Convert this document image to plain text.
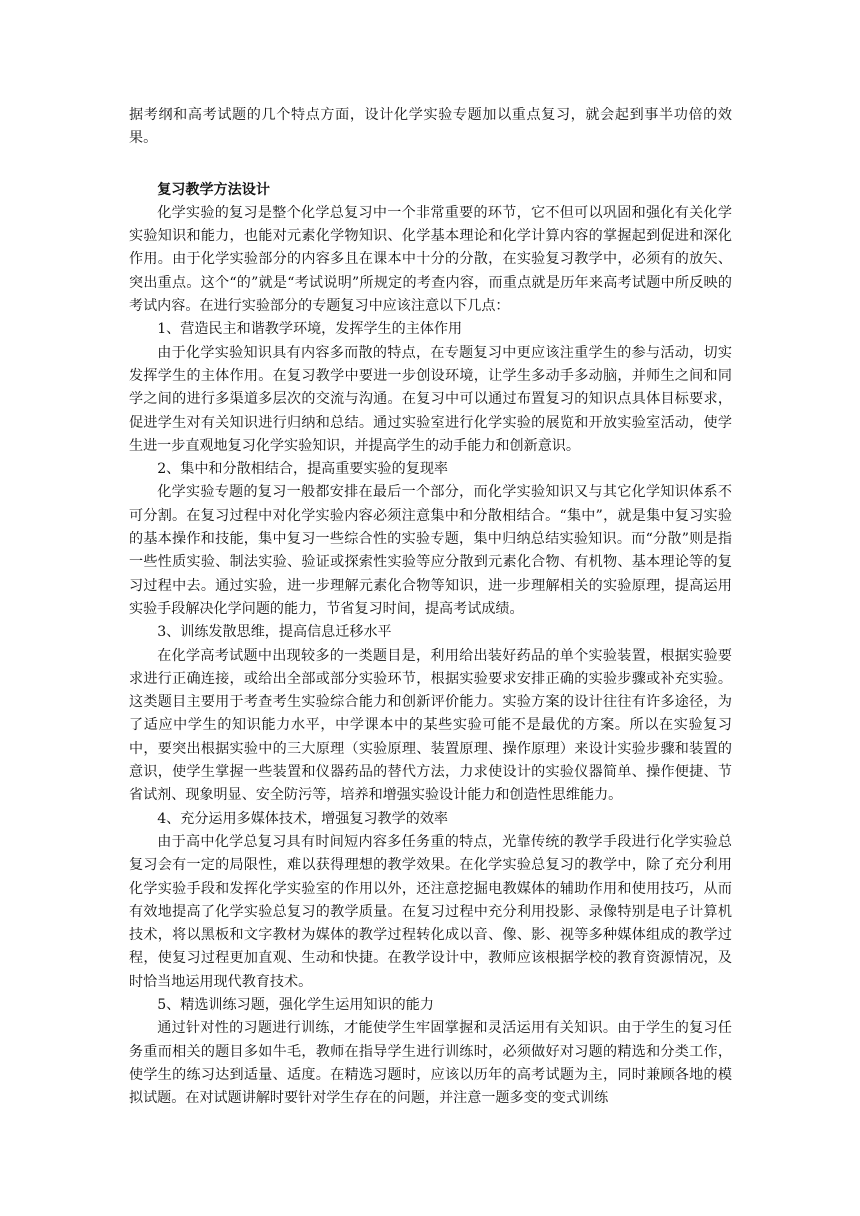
据考纲和高考试题的几个特点方面，设计化学实验专题加以重点复习，就会起到事半功倍的效果。

复习教学方法设计

化学实验的复习是整个化学总复习中一个非常重要的环节，它不但可以巩固和强化有关化学实验知识和能力，也能对元素化学物知识、化学基本理论和化学计算内容的掌握起到促进和深化作用。由于化学实验部分的内容多且在课本中十分的分散，在实验复习教学中，必须有的放矢、突出重点。这个“的”就是“考试说明”所规定的考查内容，而重点就是历年来高考试题中所反映的考试内容。在进行实验部分的专题复习中应该注意以下几点：

1、营造民主和谐教学环境，发挥学生的主体作用

由于化学实验知识具有内容多而散的特点，在专题复习中更应该注重学生的参与活动，切实发挥学生的主体作用。在复习教学中要进一步创设环境，让学生多动手多动脑，并师生之间和同学之间的进行多渠道多层次的交流与沟通。在复习中可以通过布置复习的知识点具体目标要求，促进学生对有关知识进行归纳和总结。通过实验室进行化学实验的展览和开放实验室活动，使学生进一步直观地复习化学实验知识，并提高学生的动手能力和创新意识。

2、集中和分散相结合，提高重要实验的复现率

化学实验专题的复习一般都安排在最后一个部分，而化学实验知识又与其它化学知识体系不可分割。在复习过程中对化学实验内容必须注意集中和分散相结合。“集中”，就是集中复习实验的基本操作和技能，集中复习一些综合性的实验专题，集中归纳总结实验知识。而“分散”则是指一些性质实验、制法实验、验证或探索性实验等应分散到元素化合物、有机物、基本理论等的复习过程中去。通过实验，进一步理解元素化合物等知识，进一步理解相关的实验原理，提高运用实验手段解决化学问题的能力，节省复习时间，提高考试成绩。

3、训练发散思维，提高信息迁移水平

在化学高考试题中出现较多的一类题目是，利用给出装好药品的单个实验装置，根据实验要求进行正确连接，或给出全部或部分实验环节，根据实验要求安排正确的实验步骤或补充实验。这类题目主要用于考查考生实验综合能力和创新评价能力。实验方案的设计往往有许多途径，为了适应中学生的知识能力水平，中学课本中的某些实验可能不是最优的方案。所以在实验复习中，要突出根据实验中的三大原理（实验原理、装置原理、操作原理）来设计实验步骤和装置的意识，使学生掌握一些装置和仪器药品的替代方法，力求使设计的实验仪器简单、操作便捷、节省试剂、现象明显、安全防污等，培养和增强实验设计能力和创造性思维能力。

4、充分运用多媒体技术，增强复习教学的效率

由于高中化学总复习具有时间短内容多任务重的特点，光靠传统的教学手段进行化学实验总复习会有一定的局限性，难以获得理想的教学效果。在化学实验总复习的教学中，除了充分利用化学实验手段和发挥化学实验室的作用以外，还注意挖掘电教媒体的辅助作用和使用技巧，从而有效地提高了化学实验总复习的教学质量。在复习过程中充分利用投影、录像特别是电子计算机技术，将以黑板和文字教材为媒体的教学过程转化成以音、像、影、视等多种媒体组成的教学过程，使复习过程更加直观、生动和快捷。在教学设计中，教师应该根据学校的教育资源情况，及时恰当地运用现代教育技术。

5、精选训练习题，强化学生运用知识的能力

通过针对性的习题进行训练，才能使学生牢固掌握和灵活运用有关知识。由于学生的复习任务重而相关的题目多如牛毛，教师在指导学生进行训练时，必须做好对习题的精选和分类工作，使学生的练习达到适量、适度。在精选习题时，应该以历年的高考试题为主，同时兼顾各地的模拟试题。在对试题讲解时要针对学生存在的问题，并注意一题多变的变式训练
